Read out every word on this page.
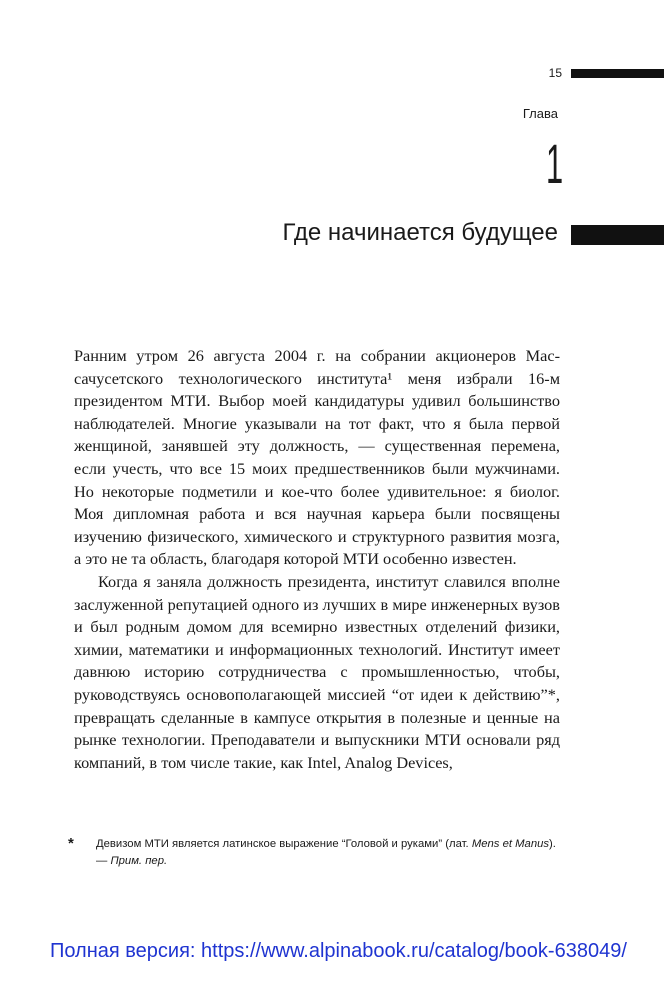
15
Глава
1
Где начинается будущее

Ранним утром 26 августа 2004 г. на собрании акционеров Массачусетского технологического института¹ меня избрали 16-м президентом МТИ. Выбор моей кандидатуры удивил большинство наблюдателей. Многие указывали на тот факт, что я была первой женщиной, занявшей эту должность, — существенная перемена, если учесть, что все 15 моих предшественников были мужчинами. Но некоторые подметили и кое-что более удивительное: я биолог. Моя дипломная работа и вся научная карьера были посвящены изучению физического, химического и структурного развития мозга, а это не та область, благодаря которой МТИ особенно известен.

Когда я заняла должность президента, институт славился вполне заслуженной репутацией одного из лучших в мире инженерных вузов и был родным домом для всемирно известных отделений физики, химии, математики и информационных технологий. Институт имеет давнюю историю сотрудничества с промышленностью, чтобы, руководствуясь основополагающей миссией “от идеи к действию”*, превращать сделанные в кампусе открытия в полезные и ценные на рынке технологии. Преподаватели и выпускники МТИ основали ряд компаний, в том числе такие, как Intel, Analog Devices,

*	Девизом МТИ является латинское выражение “Головой и руками” (лат. Mens et Manus). — Прим. пер.
Полная версия: https://www.alpinabook.ru/catalog/book-638049/
